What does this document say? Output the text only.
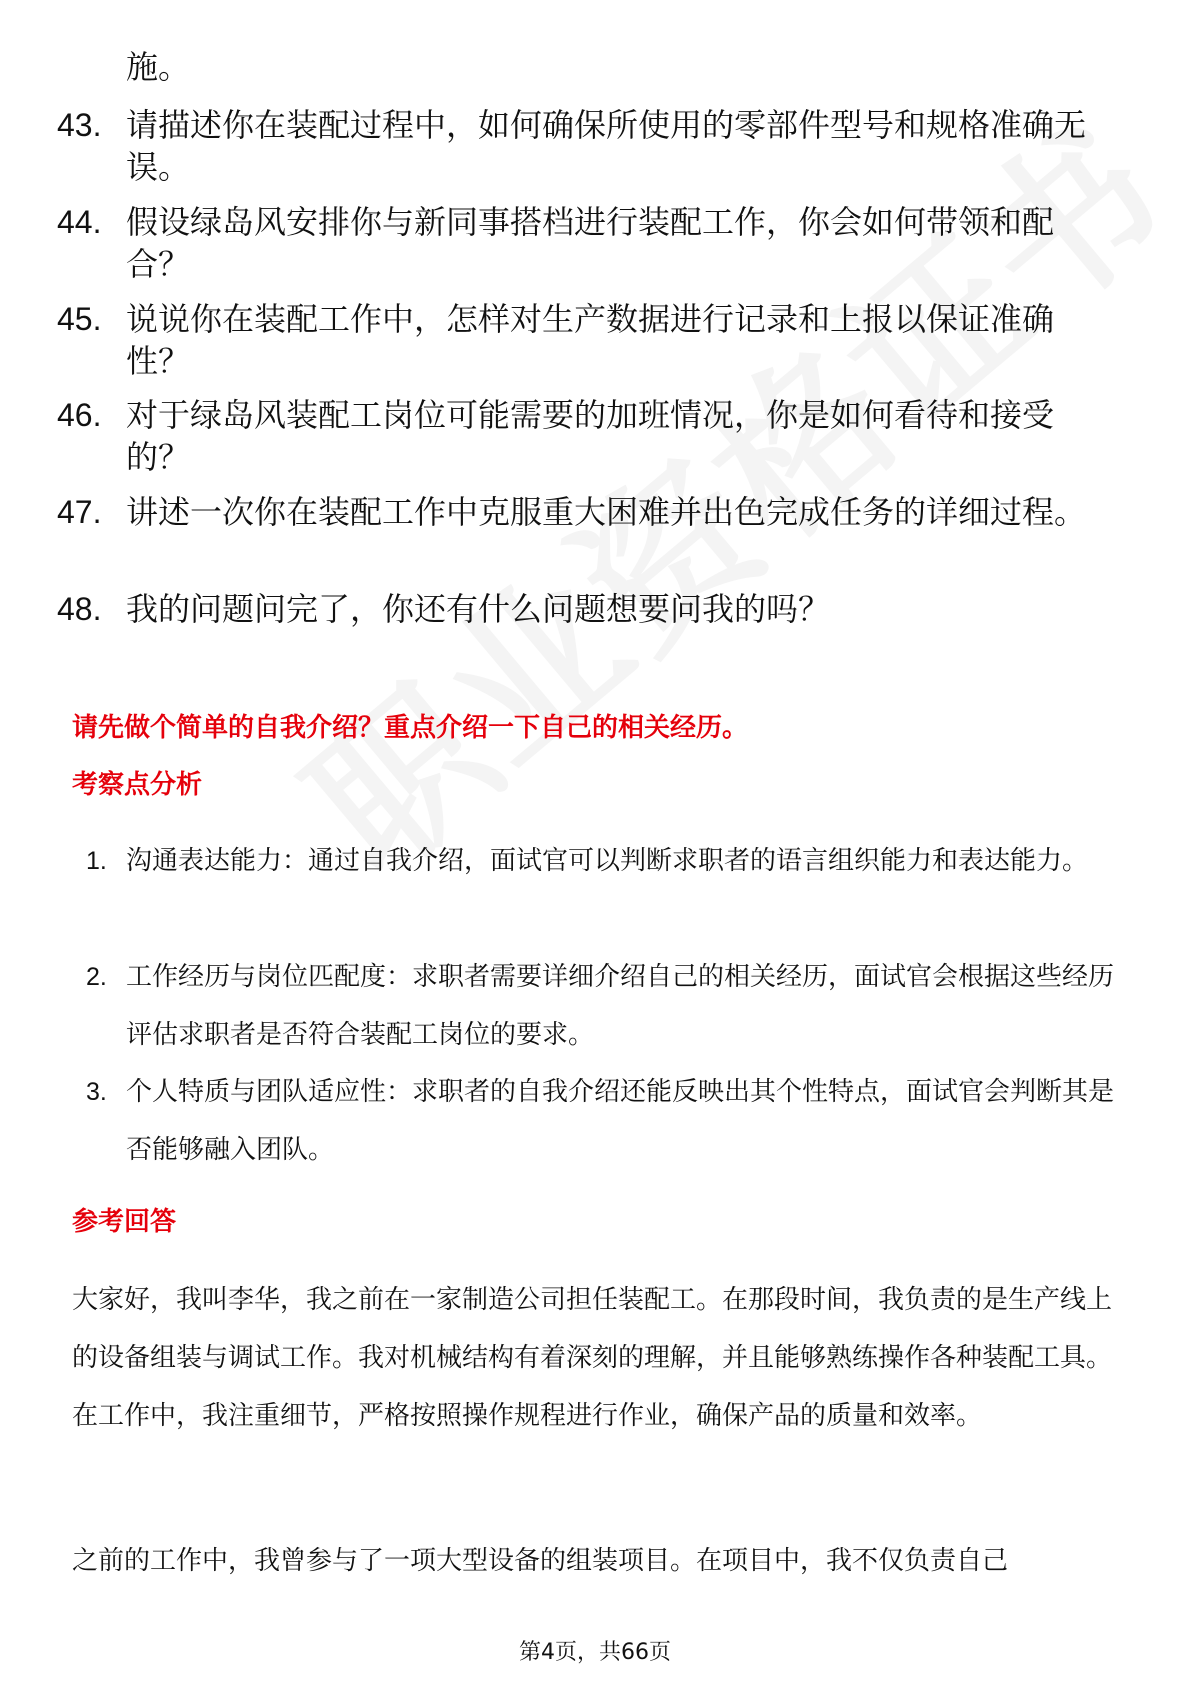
施。
43. 请描述你在装配过程中，如何确保所使用的零部件型号和规格准确无误。
44. 假设绿岛风安排你与新同事搭档进行装配工作，你会如何带领和配合？
45. 说说你在装配工作中，怎样对生产数据进行记录和上报以保证准确性？
46. 对于绿岛风装配工岗位可能需要的加班情况，你是如何看待和接受的？
47. 讲述一次你在装配工作中克服重大困难并出色完成任务的详细过程。
48. 我的问题问完了，你还有什么问题想要问我的吗？
请先做个简单的自我介绍？重点介绍一下自己的相关经历。
考察点分析
1. 沟通表达能力：通过自我介绍，面试官可以判断求职者的语言组织能力和表达能力。
2. 工作经历与岗位匹配度：求职者需要详细介绍自己的相关经历，面试官会根据这些经历评估求职者是否符合装配工岗位的要求。
3. 个人特质与团队适应性：求职者的自我介绍还能反映出其个性特点，面试官会判断其是否能够融入团队。
参考回答
大家好，我叫李华，我之前在一家制造公司担任装配工。在那段时间，我负责的是生产线上的设备组装与调试工作。我对机械结构有着深刻的理解，并且能够熟练操作各种装配工具。在工作中，我注重细节，严格按照操作规程进行作业，确保产品的质量和效率。
之前的工作中，我曾参与了一项大型设备的组装项目。在项目中，我不仅负责自己
第4页，共66页
